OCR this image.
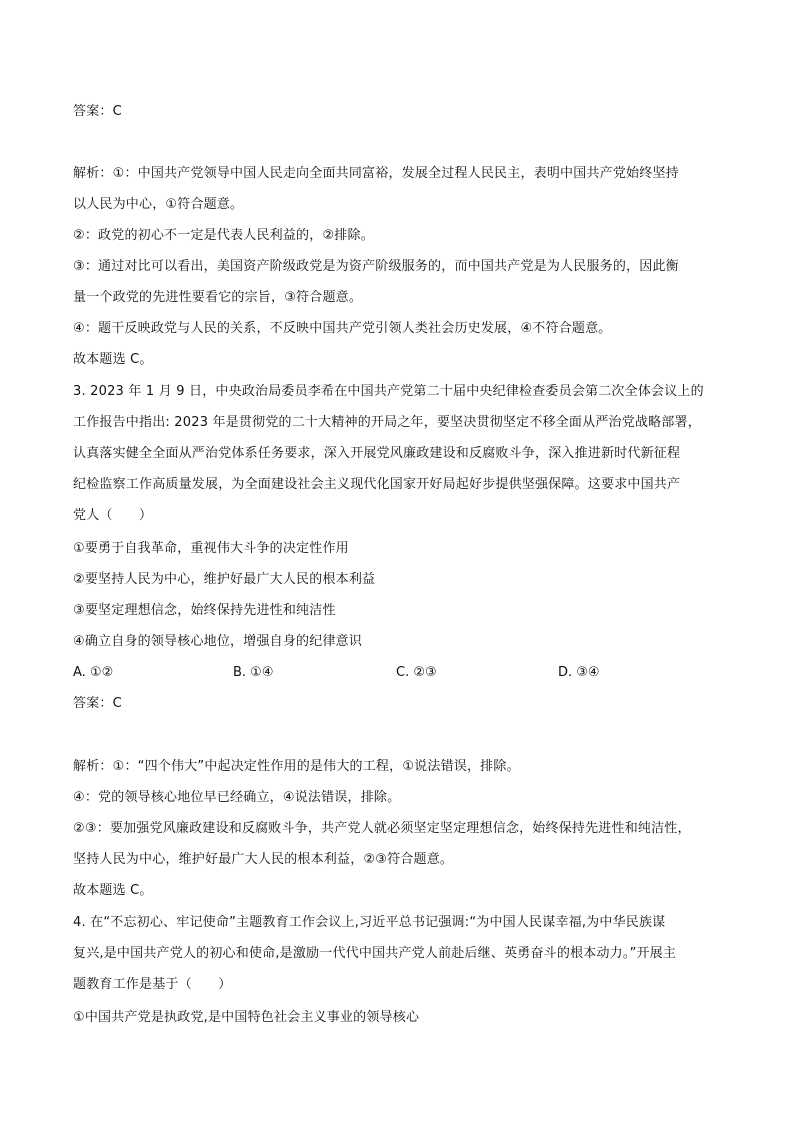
答案：C
解析：①：中国共产党领导中国人民走向全面共同富裕，发展全过程人民民主，表明中国共产党始终坚持
以人民为中心，①符合题意。
②：政党的初心不一定是代表人民利益的，②排除。
③：通过对比可以看出，美国资产阶级政党是为资产阶级服务的，而中国共产党是为人民服务的，因此衡
量一个政党的先进性要看它的宗旨，③符合题意。
④：题干反映政党与人民的关系，不反映中国共产党引领人类社会历史发展，④不符合题意。
故本题选 C。
3. 2023 年 1 月 9 日，中央政治局委员李希在中国共产党第二十届中央纪律检查委员会第二次全体会议上的
工作报告中指出: 2023 年是贯彻党的二十大精神的开局之年，要坚决贯彻坚定不移全面从严治党战略部署，
认真落实健全全面从严治党体系任务要求，深入开展党风廉政建设和反腐败斗争，深入推进新时代新征程
纪检监察工作高质量发展，为全面建设社会主义现代化国家开好局起好步提供坚强保障。这要求中国共产
党人（　　）
①要勇于自我革命，重视伟大斗争的决定性作用
②要坚持人民为中心，维护好最广大人民的根本利益
③要坚定理想信念，始终保持先进性和纯洁性
④确立自身的领导核心地位，增强自身的纪律意识
A. ①②	B. ①④	C. ②③	D. ③④
答案：C
解析：①：“四个伟大”中起决定性作用的是伟大的工程，①说法错误，排除。
④：党的领导核心地位早已经确立，④说法错误，排除。
②③：要加强党风廉政建设和反腐败斗争，共产党人就必须坚定坚定理想信念，始终保持先进性和纯洁性，
坚持人民为中心，维护好最广大人民的根本利益，②③符合题意。
故本题选 C。
4. 在“不忘初心、牢记使命”主题教育工作会议上,习近平总书记强调:“为中国人民谋幸福,为中华民族谋
复兴,是中国共产党人的初心和使命,是激励一代代中国共产党人前赴后继、英勇奋斗的根本动力。”开展主
题教育工作是基于（　　）
①中国共产党是执政党,是中国特色社会主义事业的领导核心
